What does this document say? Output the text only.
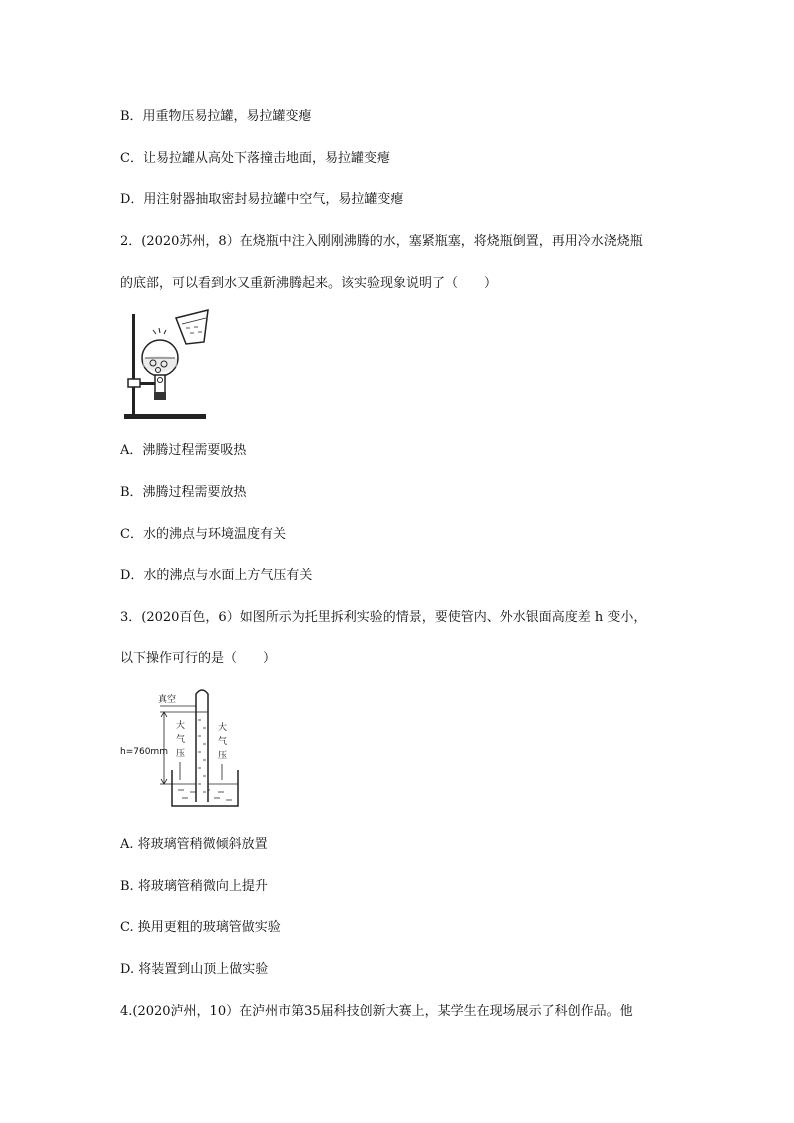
B．用重物压易拉罐，易拉罐变瘪
C．让易拉罐从高处下落撞击地面，易拉罐变瘪
D．用注射器抽取密封易拉罐中空气，易拉罐变瘪
2．(2020苏州，8）在烧瓶中注入刚刚沸腾的水，塞紧瓶塞，将烧瓶倒置，再用冷水浇烧瓶
的底部，可以看到水又重新沸腾起来。该实验现象说明了（　　）
A．沸腾过程需要吸热
B．沸腾过程需要放热
C．水的沸点与环境温度有关
D．水的沸点与水面上方气压有关
3．(2020百色，6）如图所示为托里拆利实验的情景，要使管内、外水银面高度差 h 变小，
以下操作可行的是（　　）
真空
h=760mm
大
气
压
大
气
压
A. 将玻璃管稍微倾斜放置
B. 将玻璃管稍微向上提升
C. 换用更粗的玻璃管做实验
D. 将装置到山顶上做实验
4.(2020泸州，10）在泸州市第35届科技创新大赛上，某学生在现场展示了科创作品。他
